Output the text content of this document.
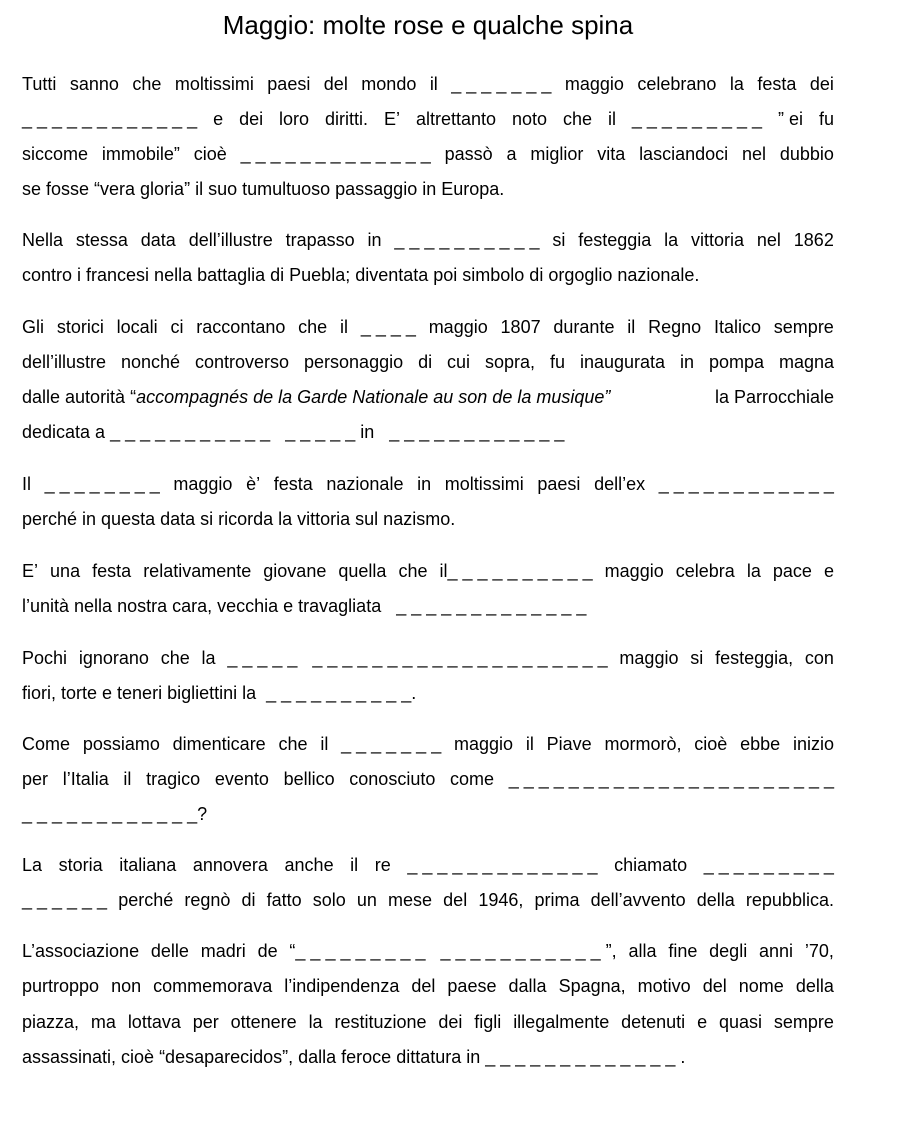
Maggio: molte rose e qualche spina
Tutti sanno che moltissimi paesi del mondo il _ _ _ _ _ _ _ maggio celebrano la festa dei
_ _ _ _ _ _ _ _ _ _ _ _ e dei loro diritti. E’ altrettanto noto che il _ _ _ _ _ _ _ _ _ ” ei fu
siccome immobile” cioè _ _ _ _ _ _ _ _ _ _ _ _ _ passò a miglior vita lasciandoci nel dubbio
se fosse “vera gloria” il suo tumultuoso passaggio in Europa.
Nella stessa data dell’illustre trapasso in _ _ _ _ _ _ _ _ _ _ si festeggia la vittoria nel 1862
contro i francesi nella battaglia di Puebla; diventata poi simbolo di orgoglio nazionale.
Gli storici locali ci raccontano che il _ _ _ _ maggio 1807 durante il Regno Italico sempre
dell’illustre nonché controverso personaggio di cui sopra, fu inaugurata in pompa magna
dalle autorità “accompagnés de la Garde Nationale au son de la musique”	la Parrocchiale
dedicata a _ _ _ _ _ _ _ _ _ _ _   _ _ _ _ _ in   _ _ _ _ _ _ _ _ _ _ _ _
Il _ _ _ _ _ _ _ _ maggio è’ festa nazionale in moltissimi paesi dell’ex _ _ _ _ _ _ _ _ _ _ _ _
perché in questa data si ricorda la vittoria sul nazismo.
E’ una festa relativamente giovane quella che il_ _ _ _ _ _ _ _ _ _ maggio celebra la pace e
l’unità nella nostra cara, vecchia e travagliata   _ _ _ _ _ _ _ _ _ _ _ _ _
Pochi ignorano che la _ _ _ _ _   _ _ _ _ _ _ _ _ _ _ _ _ _ _ _ _ _ _ _ _ maggio si festeggia, con
fiori, torte e teneri bigliettini la  _ _ _ _ _ _ _ _ _ _.
Come possiamo dimenticare che il _ _ _ _ _ _ _ maggio il Piave mormorò, cioè ebbe inizio
per l’Italia il tragico evento bellico conosciuto come _ _ _ _ _ _ _ _ _ _ _ _ _ _ _ _ _ _ _ _ _ _
_ _ _ _ _ _ _ _ _ _ _ _?
La storia italiana annovera anche il re _ _ _ _ _ _ _ _ _ _ _ _ _ chiamato _ _ _ _ _ _ _ _ _
_ _ _ _ _ _ perché regnò di fatto solo un mese del 1946, prima dell’avvento della repubblica.
L’associazione delle madri de “_ _ _ _ _ _ _ _ _   _ _ _ _ _ _ _ _ _ _ _ ”, alla fine degli anni ’70,
purtroppo non commemorava l’indipendenza del paese dalla Spagna, motivo del nome della
piazza, ma lottava per ottenere la restituzione dei figli illegalmente detenuti e quasi sempre
assassinati, cioè “desaparecidos”, dalla feroce dittatura in _ _ _ _ _ _ _ _ _ _ _ _ _ .
